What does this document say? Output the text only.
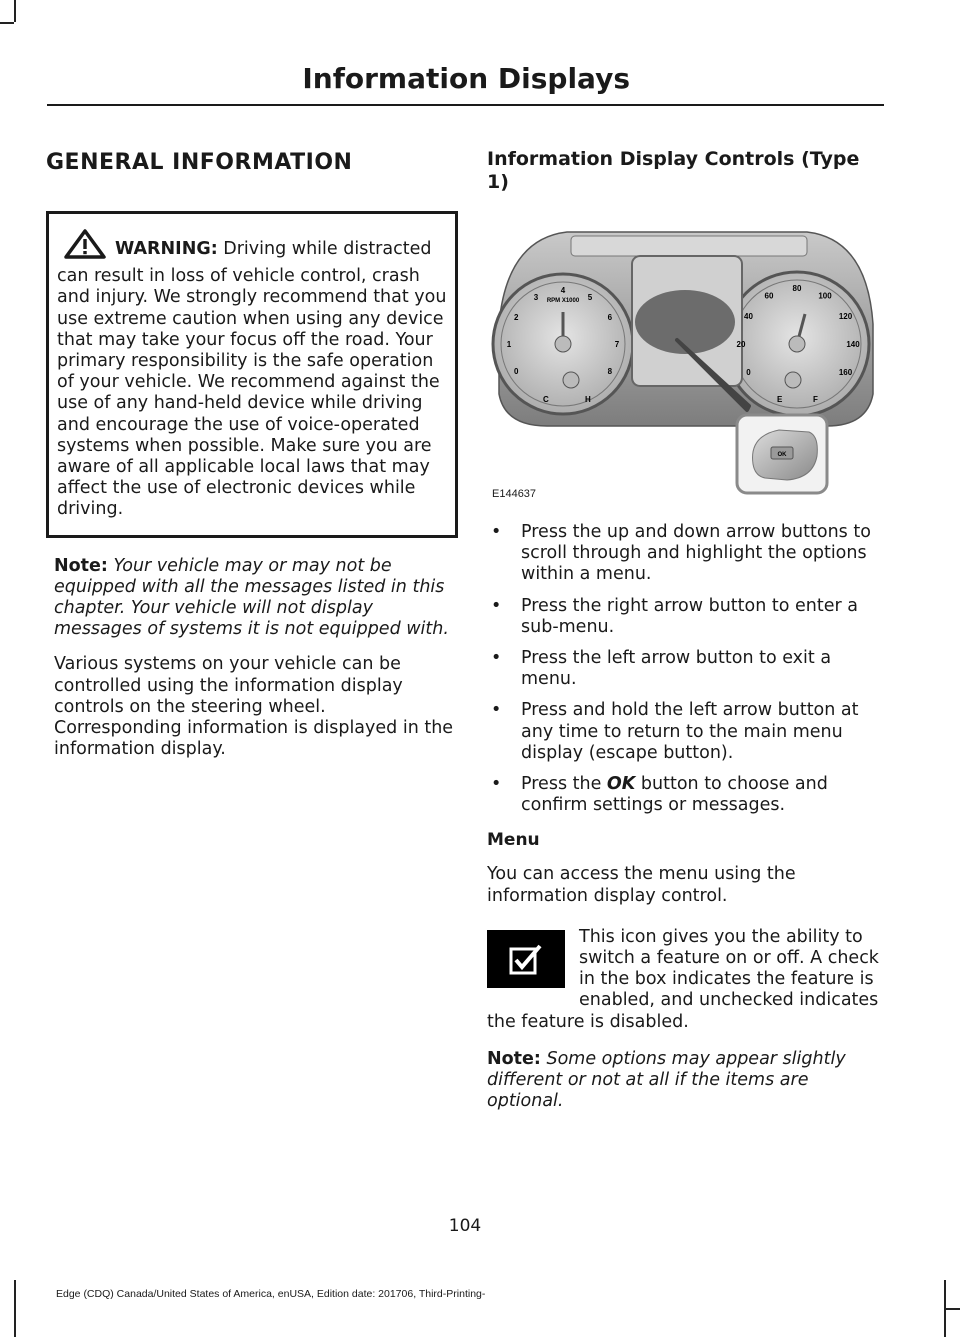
Information Displays
GENERAL INFORMATION
WARNING: Driving while distracted can result in loss of vehicle control, crash and injury. We strongly recommend that you use extreme caution when using any device that may take your focus off the road. Your primary responsibility is the safe operation of your vehicle. We recommend against the use of any hand-held device while driving and encourage the use of voice-operated systems when possible. Make sure you are aware of all applicable local laws that may affect the use of electronic devices while driving.

Note: Your vehicle may or may not be equipped with all the messages listed in this chapter. Your vehicle will not display messages of systems it is not equipped with.

Various systems on your vehicle can be controlled using the information display controls on the steering wheel. Corresponding information is displayed in the information display.

Information Display Controls (Type 1)
RPM X1000
0
1
2
3
4
5
6
7
8	0
20
40
60
80
100
120
140
160
C	H	E	F
OK
E144637
• Press the up and down arrow buttons to scroll through and highlight the options within a menu.
• Press the right arrow button to enter a sub-menu.
• Press the left arrow button to exit a menu.
• Press and hold the left arrow button at any time to return to the main menu display (escape button).
• Press the OK button to choose and confirm settings or messages.
Menu

You can access the menu using the information display control.

This icon gives you the ability to switch a feature on or off. A check in the box indicates the feature is enabled, and unchecked indicates the feature is disabled.

Note: Some options may appear slightly different or not at all if the items are optional.

104
Edge (CDQ) Canada/United States of America, enUSA, Edition date: 201706, Third-Printing-
